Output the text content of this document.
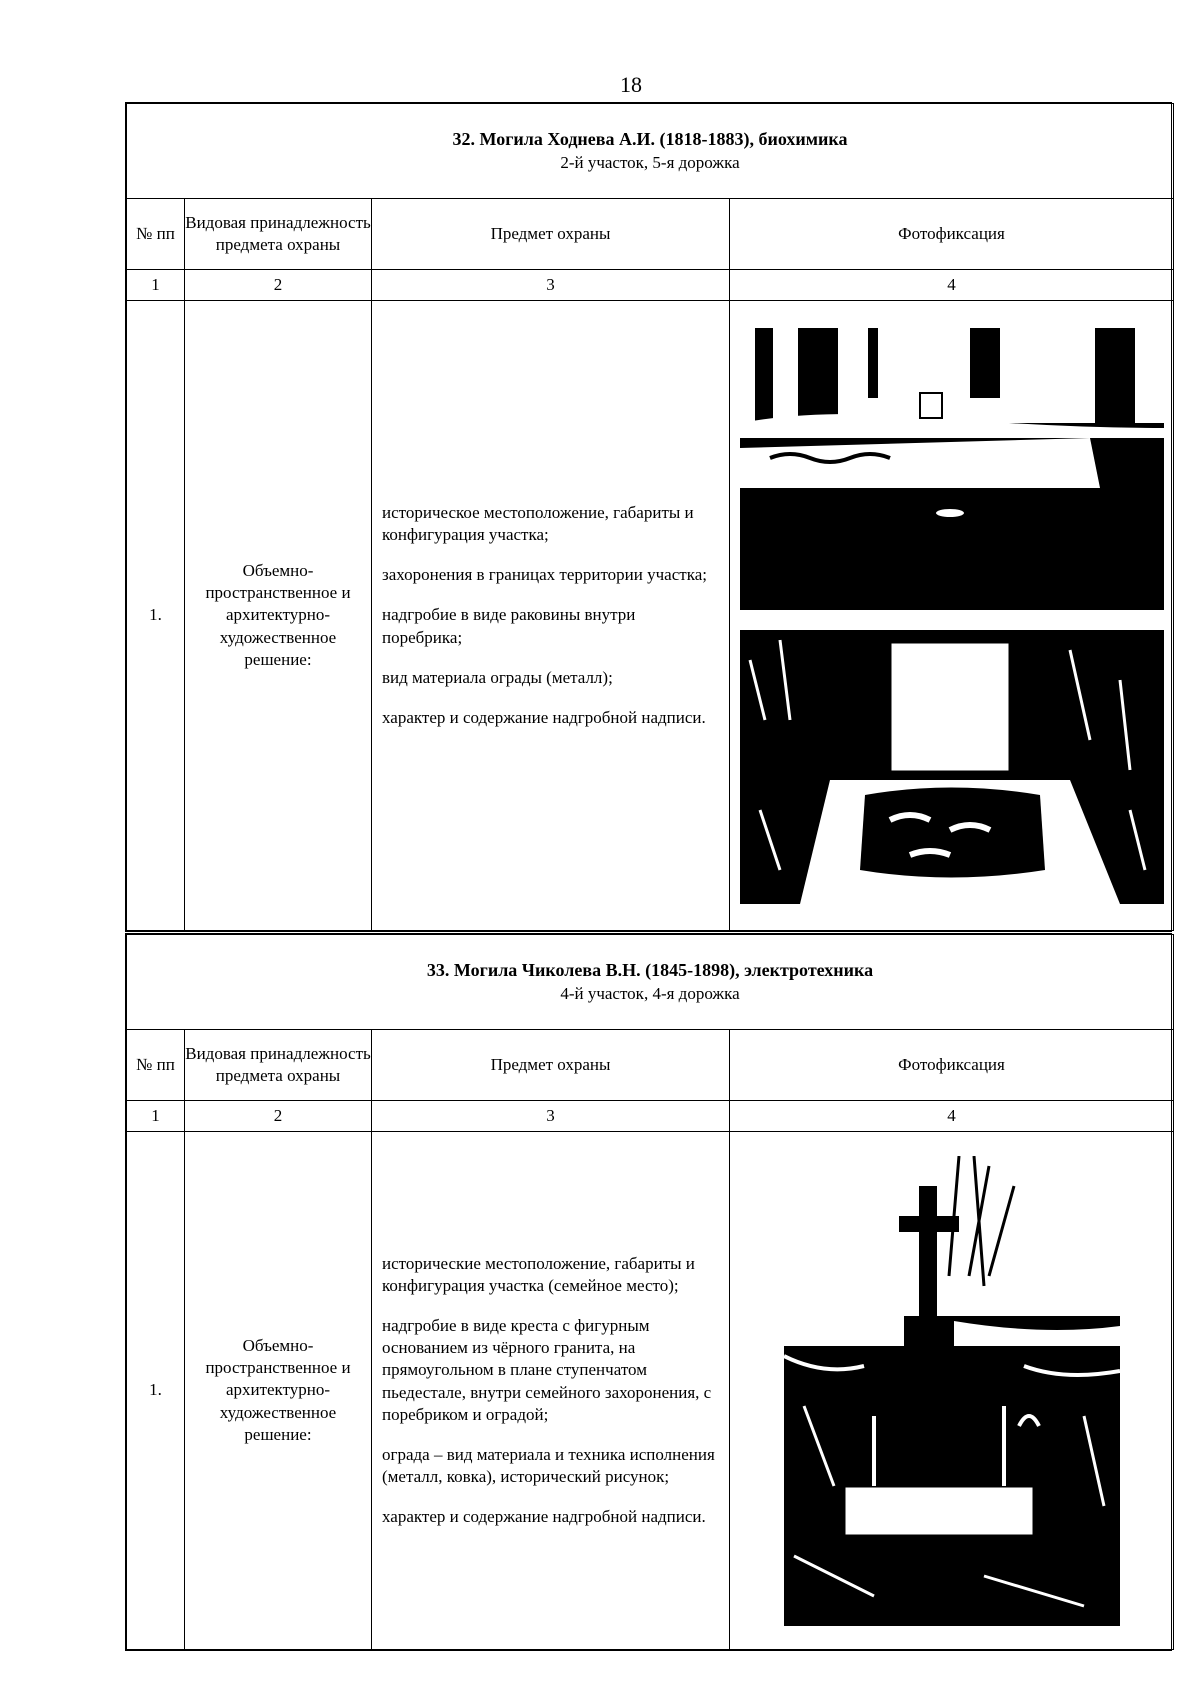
18
32. Могила Ходнева А.И. (1818-1883), биохимика
2-й участок, 5-я дорожка			

№ пп	Видовая принадлежность предмета охраны	Предмет охраны	Фотофиксация
1	2	3	4
1.	Объемно-пространственное и архитектурно-художественное решение:	историческое местоположение, габариты и конфигурация участка;

захоронения в границах территории участка;

надгробие в виде раковины внутри поребрика;

вид материала ограды (металл);

характер и содержание надгробной надписи.

33. Могила Чиколева В.Н. (1845-1898), электротехника
4-й участок, 4-я дорожка			

№ пп	Видовая принадлежность предмета охраны	Предмет охраны	Фотофиксация
1	2	3	4
1.	Объемно-пространственное и архитектурно-художественное решение:	исторические местоположение, габариты и конфигурация участка (семейное место);

надгробие в виде креста с фигурным основанием из чёрного гранита, на прямоугольном в плане ступенчатом пьедестале, внутри семейного захоронения, с поребриком и оградой;

ограда – вид материала и техника исполнения (металл, ковка), исторический рисунок;

характер и содержание надгробной надписи.
